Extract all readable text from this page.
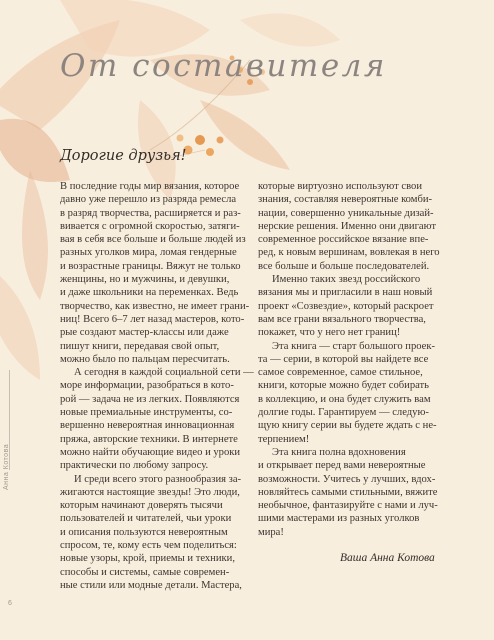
От составителя
Дорогие друзья!

В последние годы мир вязания, которое

давно уже перешло из разряда ремесла

в разряд творчества, расширяется и раз-

вивается с огромной скоростью, затяги-

вая в себя все больше и больше людей из

разных уголков мира, ломая гендерные

и возрастные границы. Вяжут не только

женщины, но и мужчины, и девушки,

и даже школьники на переменках. Ведь

творчество, как известно, не имеет грани-

ниц! Всего 6–7 лет назад мастеров, кото-

рые создают мастер-классы или даже

пишут книги, передавая свой опыт,

можно было по пальцам пересчитать.

А сегодня в каждой социальной сети —

море информации, разобраться в кото-

рой — задача не из легких. Появляются

новые премиальные инструменты, со-

вершенно невероятная инновационная

пряжа, авторские техники. В интернете

можно найти обучающие видео и уроки

практически по любому запросу.

И среди всего этого разнообразия за-

жигаются настоящие звезды! Это люди,

которым начинают доверять тысячи

пользователей и читателей, чьи уроки

и описания пользуются невероятным

спросом, те, кому есть чем поделиться:

новые узоры, крой, приемы и техники,

способы и системы, самые современ-

ные стили или модные детали. Мастера,

которые виртуозно используют свои

знания, составляя невероятные комби-

нации, совершенно уникальные дизай-

нерские решения. Именно они двигают

современное российское вязание впе-

ред, к новым вершинам, вовлекая в него

все больше и больше последователей.

Именно таких звезд российского

вязания мы и пригласили в наш новый

проект «Созвездие», который раскроет

вам все грани вязального творчества,

покажет, что у него нет границ!

Эта книга — старт большого проек-

та — серии, в которой вы найдете все

самое современное, самое стильное,

книги, которые можно будет собирать

в коллекцию, и она будет служить вам

долгие годы. Гарантируем — следую-

щую книгу серии вы будете ждать с не-

терпением!

Эта книга полна вдохновения

и открывает перед вами невероятные

возможности. Учитесь у лучших, вдох-

новляйтесь самыми стильными, вяжите

необычное, фантазируйте с нами и луч-

шими мастерами из разных уголков

мира!

Ваша Анна Котова
Анна Котова
6
